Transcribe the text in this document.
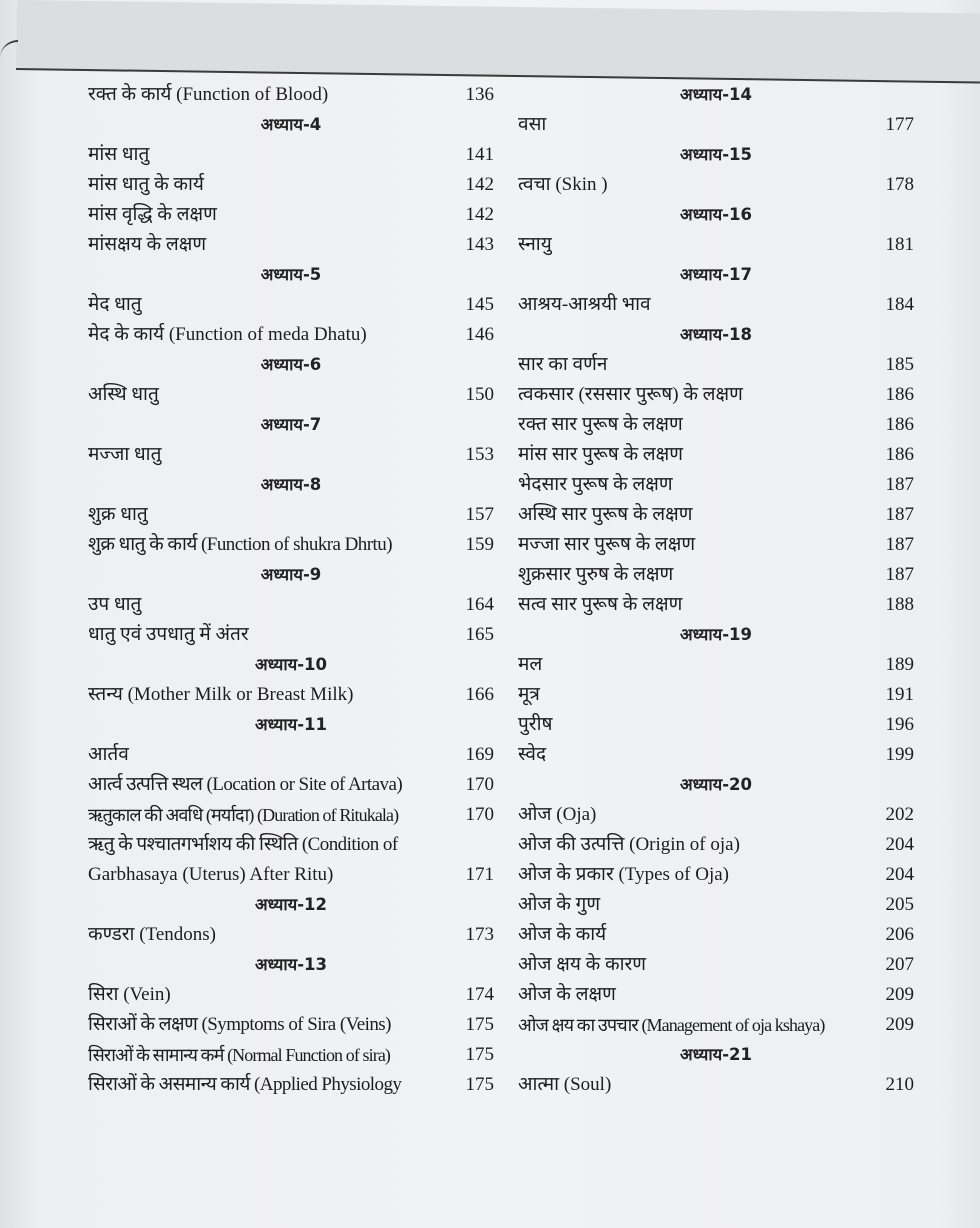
रक्त के कार्य (Function of Blood)	136
अध्याय-4
मांस धातु	141
मांस धातु के कार्य	142
मांस वृद्धि के लक्षण	142
मांसक्षय के लक्षण	143
अध्याय-5
मेद धातु	145
मेद के कार्य (Function of meda Dhatu)	146
अध्याय-6
अस्थि धातु	150
अध्याय-7
मज्जा धातु	153
अध्याय-8
शुक्र धातु	157
शुक्र धातु के कार्य (Function of shukra Dhrtu)	159
अध्याय-9
उप धातु	164
धातु एवं उपधातु में अंतर	165
अध्याय-10
स्तन्य (Mother Milk or Breast Milk)	166
अध्याय-11
आर्तव	169
आर्त्व उत्पत्ति स्थल (Location or Site of Artava)	170
ऋतुकाल की अवधि (मर्यादा) (Duration of Ritukala)	170
ऋतु के पश्चातगर्भाशय की स्थिति (Condition of
Garbhasaya (Uterus) After Ritu)	171
अध्याय-12
कण्डरा (Tendons)	173
अध्याय-13
सिरा (Vein)	174
सिराओं के लक्षण (Symptoms of Sira (Veins)	175
सिराओं के सामान्य कर्म (Normal Function of sira)	175
सिराओं के असमान्य कार्य (Applied Physiology	175
अध्याय-14
वसा	177
अध्याय-15
त्वचा (Skin )	178
अध्याय-16
स्नायु	181
अध्याय-17
आश्रय-आश्रयी भाव	184
अध्याय-18
सार का वर्णन	185
त्वकसार (रससार पुरूष) के लक्षण	186
रक्त सार पुरूष के लक्षण	186
मांस सार पुरूष के लक्षण	186
भेदसार पुरूष के लक्षण	187
अस्थि सार पुरूष के लक्षण	187
मज्जा सार पुरूष के लक्षण	187
शुक्रसार पुरुष के लक्षण	187
सत्व सार पुरूष के लक्षण	188
अध्याय-19
मल	189
मूत्र	191
पुरीष	196
स्वेद	199
अध्याय-20
ओज (Oja)	202
ओज की उत्पत्ति (Origin of oja)	204
ओज के प्रकार (Types of Oja)	204
ओज के गुण	205
ओज के कार्य	206
ओज क्षय के कारण	207
ओज के लक्षण	209
ओज क्षय का उपचार (Management of oja kshaya)	209
अध्याय-21
आत्मा (Soul)	210
